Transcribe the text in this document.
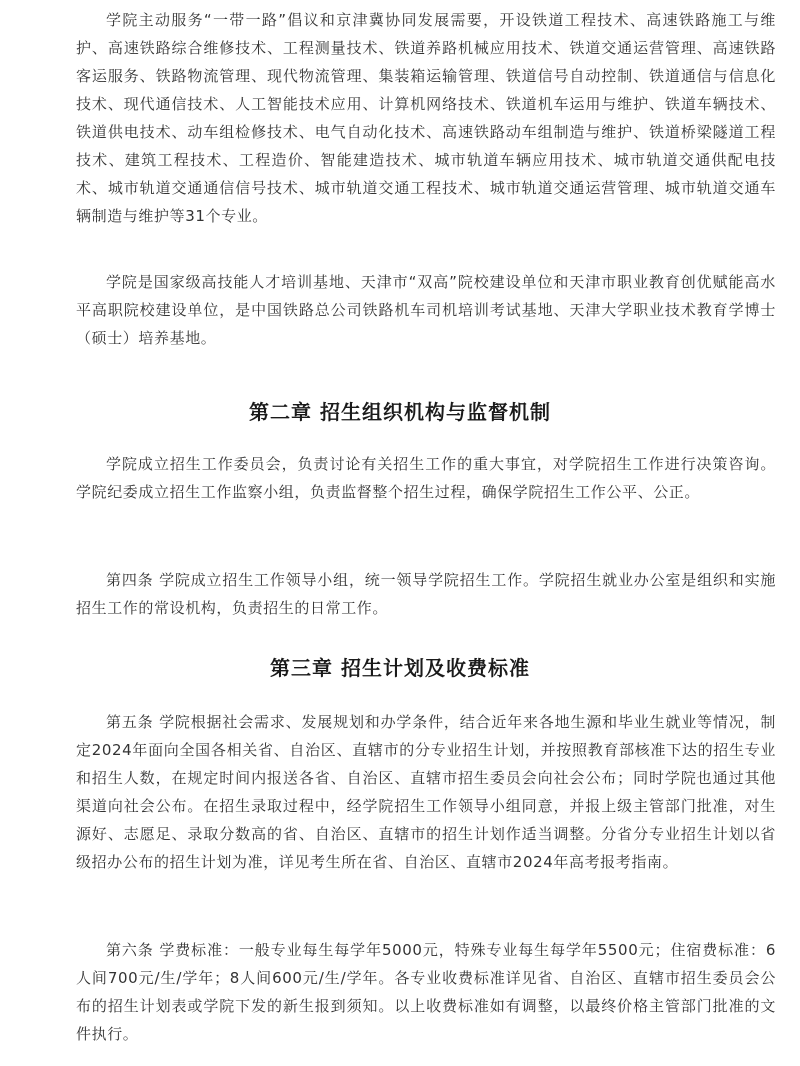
学院主动服务“一带一路”倡议和京津冀协同发展需要，开设铁道工程技术、高速铁路施工与维护、高速铁路综合维修技术、工程测量技术、铁道养路机械应用技术、铁道交通运营管理、高速铁路客运服务、铁路物流管理、现代物流管理、集装箱运输管理、铁道信号自动控制、铁道通信与信息化技术、现代通信技术、人工智能技术应用、计算机网络技术、铁道机车运用与维护、铁道车辆技术、铁道供电技术、动车组检修技术、电气自动化技术、高速铁路动车组制造与维护、铁道桥梁隧道工程技术、建筑工程技术、工程造价、智能建造技术、城市轨道车辆应用技术、城市轨道交通供配电技术、城市轨道交通通信信号技术、城市轨道交通工程技术、城市轨道交通运营管理、城市轨道交通车辆制造与维护等31个专业。

学院是国家级高技能人才培训基地、天津市“双高”院校建设单位和天津市职业教育创优赋能高水平高职院校建设单位，是中国铁路总公司铁路机车司机培训考试基地、天津大学职业技术教育学博士（硕士）培养基地。

第二章 招生组织机构与监督机制

学院成立招生工作委员会，负责讨论有关招生工作的重大事宜，对学院招生工作进行决策咨询。学院纪委成立招生工作监察小组，负责监督整个招生过程，确保学院招生工作公平、公正。

第四条 学院成立招生工作领导小组，统一领导学院招生工作。学院招生就业办公室是组织和实施招生工作的常设机构，负责招生的日常工作。

第三章 招生计划及收费标准

第五条 学院根据社会需求、发展规划和办学条件，结合近年来各地生源和毕业生就业等情况，制定2024年面向全国各相关省、自治区、直辖市的分专业招生计划，并按照教育部核准下达的招生专业和招生人数，在规定时间内报送各省、自治区、直辖市招生委员会向社会公布；同时学院也通过其他渠道向社会公布。在招生录取过程中，经学院招生工作领导小组同意，并报上级主管部门批准，对生源好、志愿足、录取分数高的省、自治区、直辖市的招生计划作适当调整。分省分专业招生计划以省级招办公布的招生计划为准，详见考生所在省、自治区、直辖市2024年高考报考指南。

第六条 学费标准：一般专业每生每学年5000元，特殊专业每生每学年5500元；住宿费标准：6人间700元/生/学年；8人间600元/生/学年。各专业收费标准详见省、自治区、直辖市招生委员会公布的招生计划表或学院下发的新生报到须知。以上收费标准如有调整，以最终价格主管部门批准的文件执行。
